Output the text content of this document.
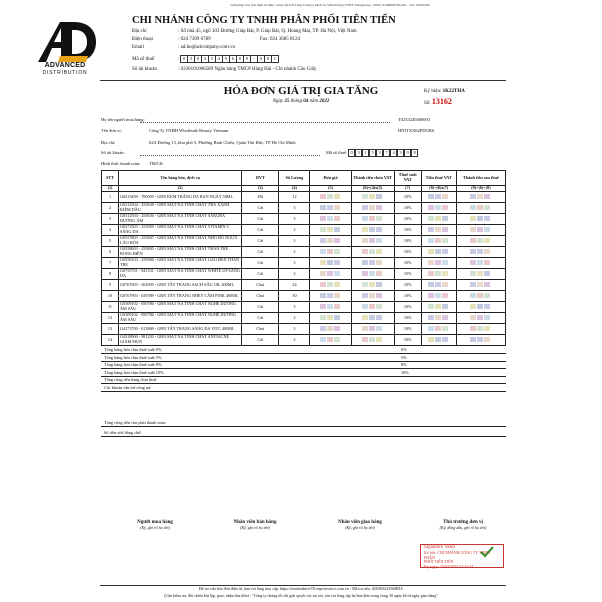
Giải pháp hóa đơn điện tử được cung cấp bởi Tổng Công ty Dịch vụ Viễn thông (VNPT Vinaphone) - MST: 0106869738-001 - Tel: 18001260
ADVANCED
DISTRIBUTION
CHI NHÁNH CÔNG TY TNHH PHÂN PHỐI TIÊN TIẾN
Địa chỉ	: Số nhà 45, ngõ 103 Đường Giáp Bát, P. Giáp Bát, Q. Hoàng Mai, TP. Hà Nội, Việt Nam
Điện thoại	: 024 7309 6789	Fax: 024 3685 8124
Email	: ad.hn@adcompany.com.vn
Mã số thuế	: 0	3	0	3	5	4	9	6	8	9	-	0	0	1
Số tài khoản	: 0330101006589 Ngân hàng TMCP Hàng Hải - Chi nhánh Cầu Giấy
HÓA ĐƠN GIÁ TRỊ GIA TĂNG
Ngày 25 tháng 04 năm 2022
Ký hiệu: 1K22THA
Số: 13162
Họ tên người mua hàng:	T0233220400003
Tên đơn vị:	Công Ty TNHH Wholesale Beauty Vietnam	HNITXN62PDGBS
Địa chỉ:	62A Đường 13, khu phố 5, Phường Bình Chiểu, Quận Thủ Đức, TP Hồ Chí Minh
Số tài khoản:	Mã số thuế: 0	3	1	5	3	7	4	3	0	8
Hình thức thanh toán: TM/CK
STT	Tên hàng hóa, dịch vụ	ĐVT	Số Lượng	Đơn giá	Thành tiền chưa VAT	Thuế suất VAT	Tiền thuế VAT	Thành tiền sau thuế
(1)	(2)	(3)	(4)	(5)	(6)=(4)x(5)	(7)	(8)=(6)x(7)	(9)=(6)+(8)
1	G0215409 - 700050 - GRN KEM TRẮNG DA BAN NGÀY 50ML	Hũ	12			10%		
2	G0312504 - 253638 - GRN MẶT NẠ TINH CHẤT TRÀ XANH KIỀM DẦU	Cái	3			10%		
3	G0312504 - 253636 - GRN MẶT NẠ TINH CHẤT SAKURA DƯỠNG ẨM	Cái	3			10%		
4	G0373303 - 253959 - GRN MẶT NẠ TINH CHẤT VITAMIN C SÁNG DA	Cái	3			10%		
5	G0557803 - 255847 - GRN MẶT NẠ TINH CHẤT NHO ĐỎ NGỪA LÃO HÓA	Cái	3			10%		
6	G0558003 - 255805 - GRN MẶT NẠ TINH CHẤT THAN TRE RONG BIỂN	Cái	3			10%		
7	G0558103 - 255906 - GRN MẶT NẠ TINH CHẤT GẠO ĐEN THAN TRE	Cái	3			10%		
8	G0755701 - 941531 - GRN MẶT NẠ TINH CHẤT WHITE UP SÁNG DA	Cái	3			10%		
9	G0767003 - 502005 - GRN TẨY TRANG SẠCH SÂU OIL 400ML	Chai	24			10%		
10	G0767903 - 029589 - GRN TẨY TRANG NHẸY CÂM PINK 400ML	Chai	30			10%		
11	G0309102 - 950786 - GRN MẶT NẠ TINH CHẤT NGHỆ DƯỠNG ẨM SÁU	Cái	3			10%		
12	G0309102 - 950786 - GRN MẶT NẠ TINH CHẤT NGHỆ DƯỠNG ẨM SÁU	Cái	3			10%		
13	G4173700 - 013869 - GRN TẨY TRANG SÁNG DA VITC 400ML	Chai	3			10%		
14	G4218900 - 981230 - GRN MẶT NẠ TINH CHẤT ANTIACNE GIẢM MỤN	Cái	3			10%		
Tổng hàng hóa chịu thuế suất 0%	0%
Tổng hàng hóa chịu thuế suất 5%	5%
Tổng hàng hóa chịu thuế suất 8%	8%
Tổng hàng hóa chịu thuế suất 10%	10%
Tổng cộng tiền hàng chịu thuế
Các khoản cần trừ công nợ:
Tổng cộng tiền còn phải thanh toán:
Số tiền viết bằng chữ:
Người mua hàng
(Ký, ghi rõ họ tên)
Nhân viên bán hàng
(Ký, ghi rõ họ tên)
Nhân viên giao hàng
(Ký, ghi rõ họ tên)
Thủ trưởng đơn vị
(Ký, đóng dấu, ghi rõ họ tên)
Signature Valid
Ký bởi: CHI NHÁNH CÔNG TY TNHH PHÂN
PHỐI TIÊN TIẾN
Ký ngày: 25/04/2022 13:23:44
Để tra cứu hóa đơn điện tử, bạn vui lòng truy cập: https://tientienhn-tt78.vnpt-invoice.com.vn - Mã tra cứu: A0030922356HDA
(Cần kiểm tra, đối chiếu khi lập, giao, nhận hóa đơn) - "Công ty chúng tôi chỉ giải quyết các sai sót, xin vui lòng cập lại hóa đơn trong vòng 30 ngày kể từ ngày giao hàng"
